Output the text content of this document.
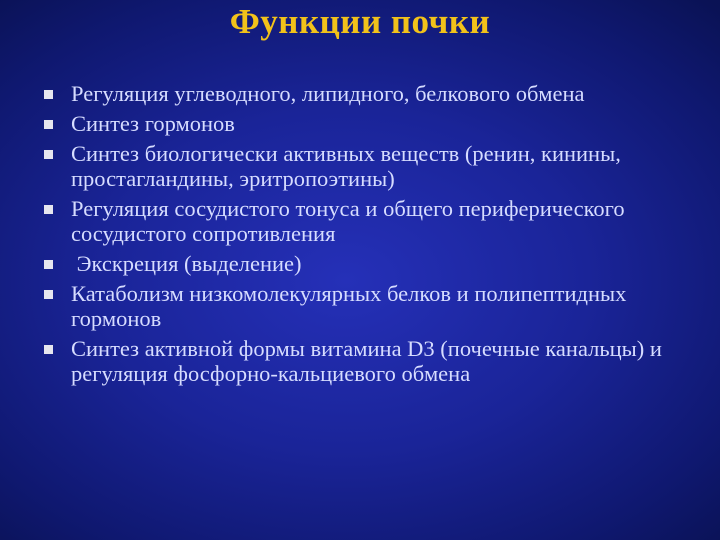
Функции почки
Регуляция углеводного, липидного, белкового обмена
Синтез гормонов
Синтез биологически активных веществ (ренин, кинины, простагландины, эритропоэтины)
Регуляция сосудистого тонуса и общего периферического сосудистого сопротивления
Экскреция (выделение)
Катаболизм низкомолекулярных белков и полипептидных гормонов
Синтез активной формы витамина D3 (почечные канальцы) и регуляция фосфорно-кальциевого обмена
